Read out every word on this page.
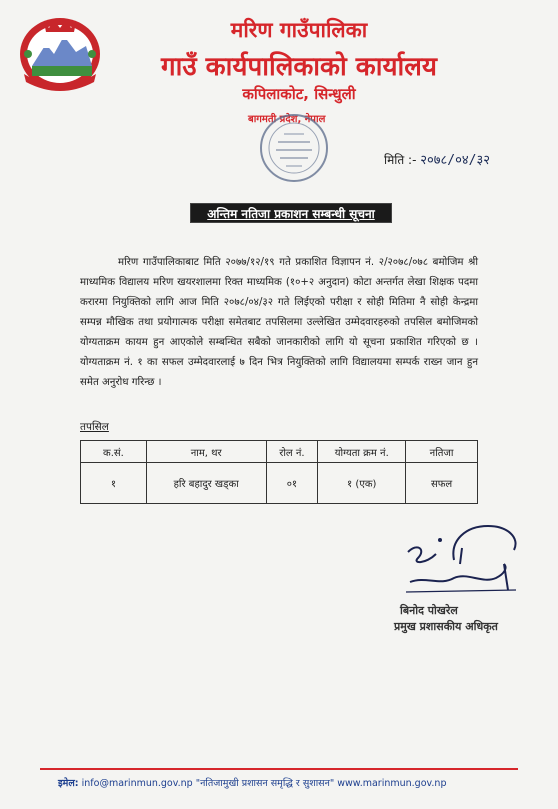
मरिण गाउँपालिका
गाउँ कार्यपालिकाको कार्यालय
कपिलाकोट, सिन्धुली
बागमती प्रदेश, नेपाल
मिति :- २०७८/०४/३२
अन्तिम नतिजा प्रकाशन सम्बन्धी सूचना
मरिण गाउँपालिकाबाट मिति २०७७/१२/१९ गते प्रकाशित विज्ञापन नं. २/२०७८/०७८ बमोजिम श्री माध्यमिक विद्यालय मरिण खयरशालमा रिक्त माध्यमिक (१०+२ अनुदान) कोटा अन्तर्गत लेखा शिक्षक पदमा करारमा नियुक्तिको लागि आज मिति २०७८/०४/३२ गते लिईएको परीक्षा र सोही मितिमा नै सोही केन्द्रमा सम्पन्न मौखिक तथा प्रयोगात्मक परीक्षा समेतबाट तपसिलमा उल्लेखित उम्मेदवारहरुको तपसिल बमोजिमको योग्यताक्रम कायम हुन आएकोले सम्बन्धित सबैको जानकारीको लागि यो सूचना प्रकाशित गरिएको छ । योग्यताक्रम नं. १ का सफल उम्मेदवारलाई ७ दिन भित्र नियुक्तिको लागि विद्यालयमा सम्पर्क राख्न जान हुन समेत अनुरोध गरिन्छ ।
तपसिल
क.सं.	नाम, थर	रोल नं.	योग्यता क्रम नं.	नतिजा
१	हरि बहादुर खड्का	०१	१ (एक)	सफल
बिनोद पोखरेल
प्रमुख प्रशासकीय अधिकृत
इमेल: info@marinmun.gov.np "नतिजामुखी प्रशासन समृद्धि र सुशासन" www.marinmun.gov.np
